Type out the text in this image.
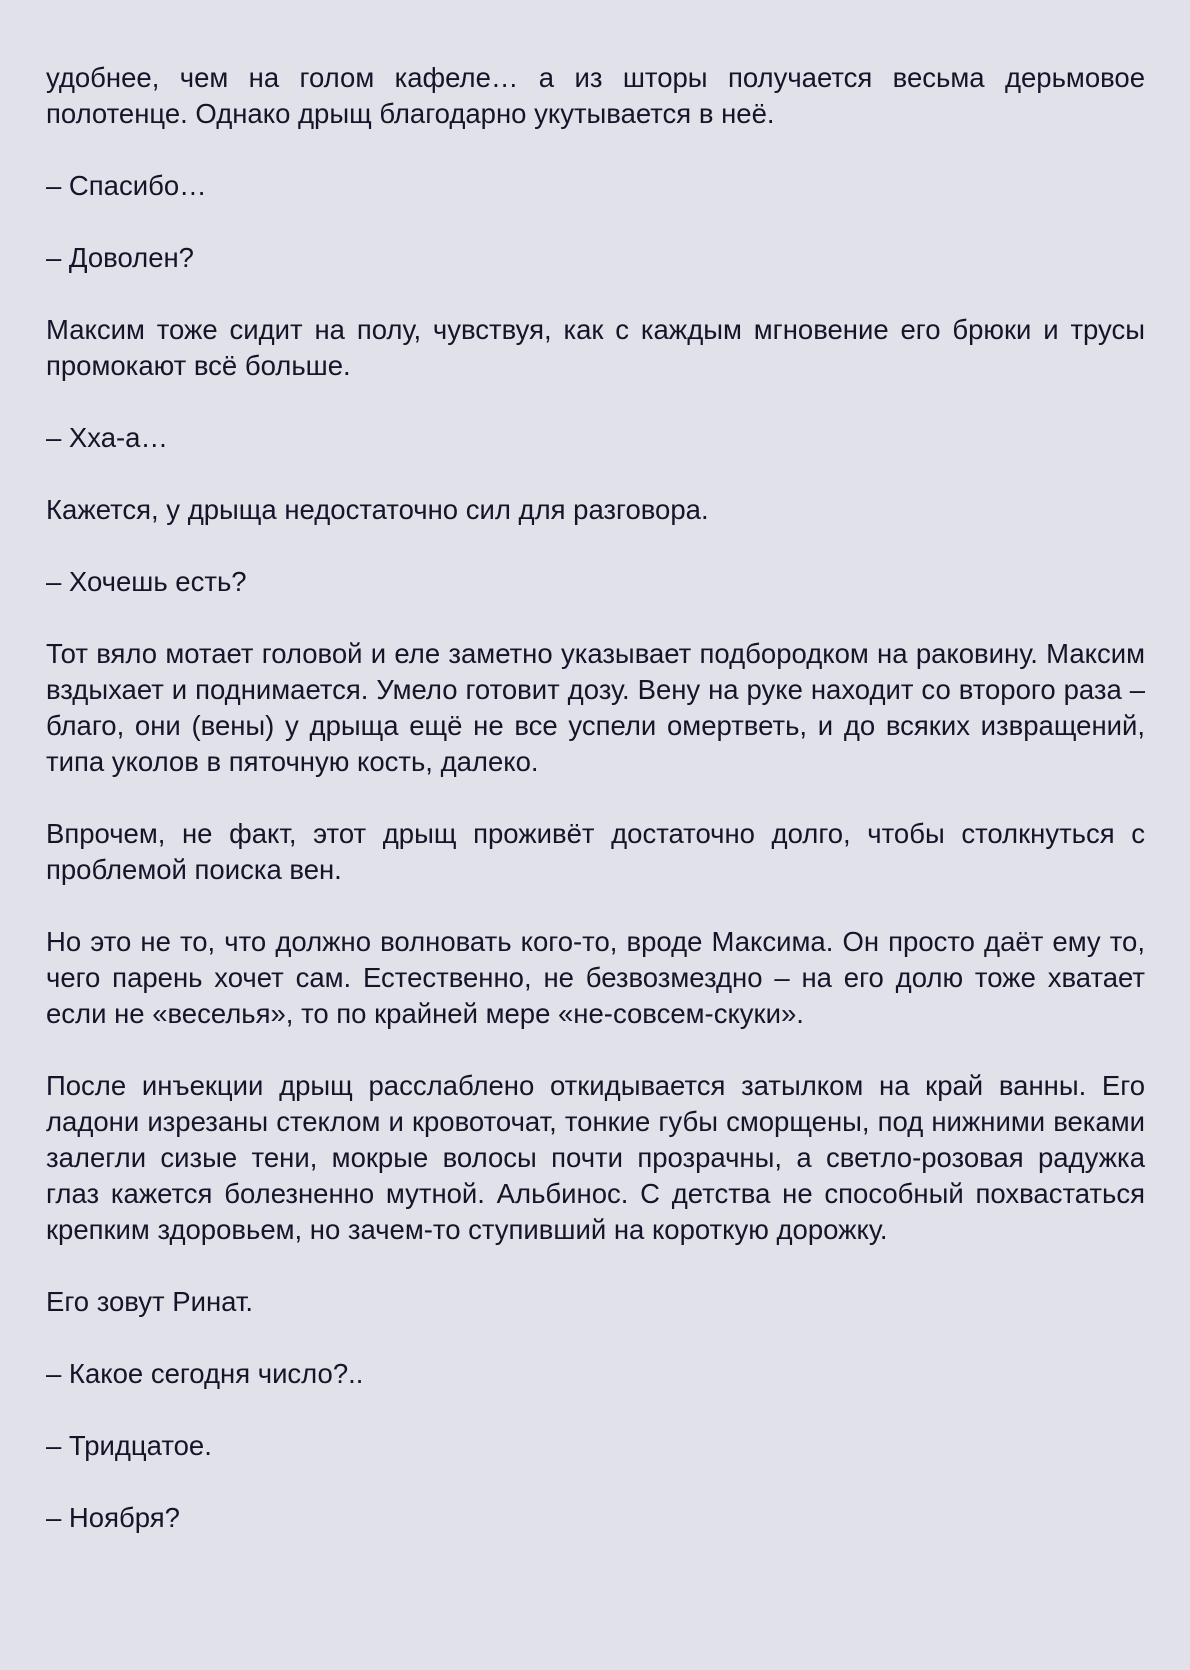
удобнее, чем на голом кафеле… а из шторы получается весьма дерьмовое полотенце. Однако дрыщ благодарно укутывается в неё.

– Спасибо…

– Доволен?

Максим тоже сидит на полу, чувствуя, как с каждым мгновение его брюки и трусы промокают всё больше.

– Хха-а…

Кажется, у дрыща недостаточно сил для разговора.

– Хочешь есть?

Тот вяло мотает головой и еле заметно указывает подбородком на раковину. Максим вздыхает и поднимается. Умело готовит дозу. Вену на руке находит со второго раза – благо, они (вены) у дрыща ещё не все успели омертветь, и до всяких извращений, типа уколов в пяточную кость, далеко.

Впрочем, не факт, этот дрыщ проживёт достаточно долго, чтобы столкнуться с проблемой поиска вен.

Но это не то, что должно волновать кого-то, вроде Максима. Он просто даёт ему то, чего парень хочет сам. Естественно, не безвозмездно – на его долю тоже хватает если не «веселья», то по крайней мере «не-совсем-скуки».

После инъекции дрыщ расслаблено откидывается затылком на край ванны. Его ладони изрезаны стеклом и кровоточат, тонкие губы сморщены, под нижними веками залегли сизые тени, мокрые волосы почти прозрачны, а светло-розовая радужка глаз кажется болезненно мутной. Альбинос. С детства не способный похвастаться крепким здоровьем, но зачем-то ступивший на короткую дорожку.

Его зовут Ринат.

– Какое сегодня число?..

– Тридцатое.

– Ноября?
